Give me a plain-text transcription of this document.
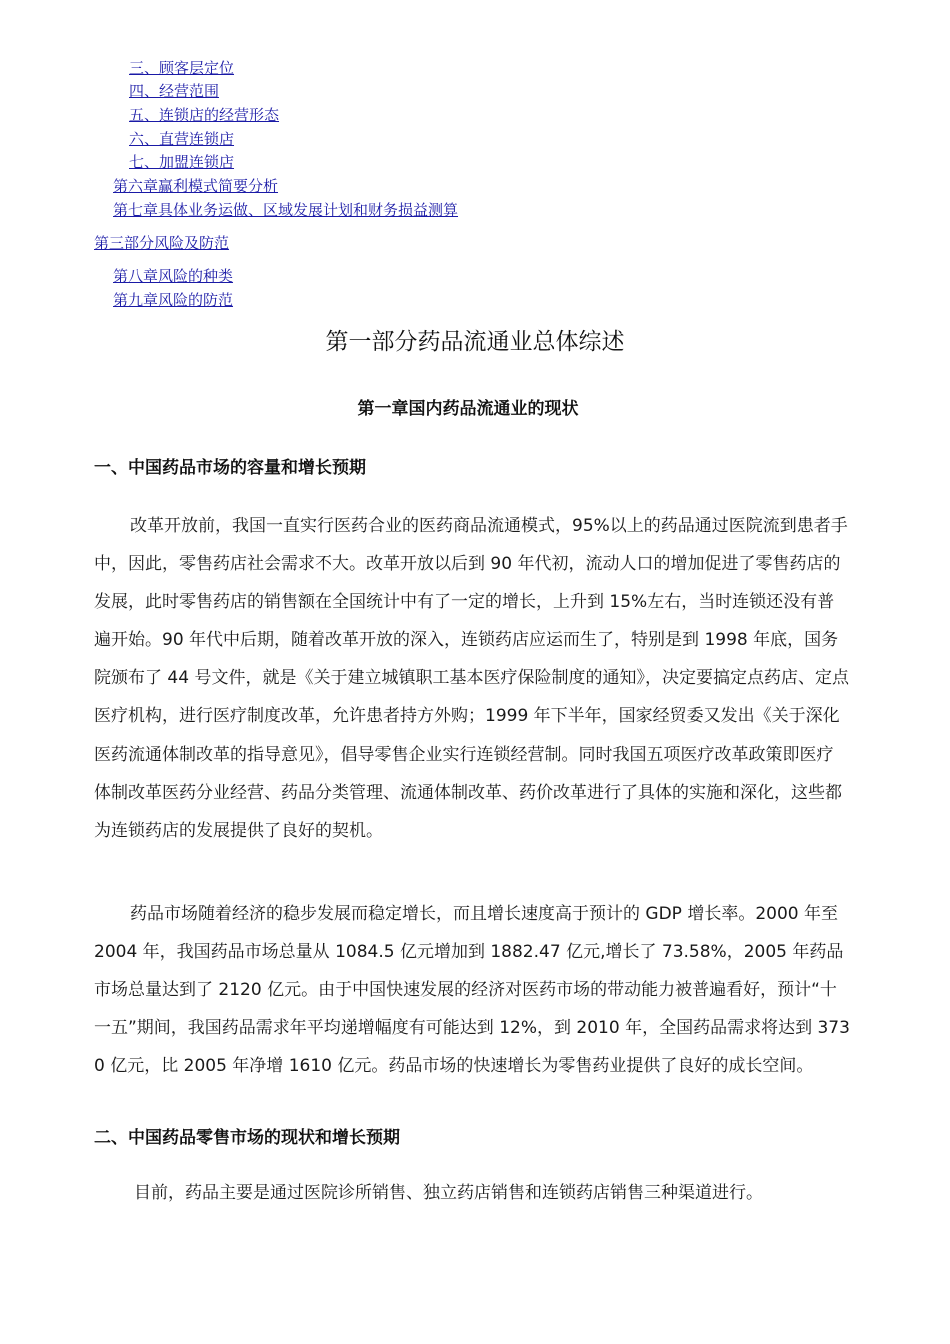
三、顾客层定位
四、经营范围
五、连锁店的经营形态
六、直营连锁店
七、加盟连锁店
第六章赢利模式简要分析
第七章具体业务运做、区域发展计划和财务损益测算
第三部分风险及防范
第八章风险的种类
第九章风险的防范
第一部分药品流通业总体综述
第一章国内药品流通业的现状
一、中国药品市场的容量和增长预期
改革开放前，我国一直实行医药合业的医药商品流通模式，95%以上的药品通过医院流到患者手中，因此，零售药店社会需求不大。改革开放以后到 90 年代初，流动人口的增加促进了零售药店的发展，此时零售药店的销售额在全国统计中有了一定的增长，上升到 15%左右，当时连锁还没有普遍开始。90 年代中后期，随着改革开放的深入，连锁药店应运而生了，特别是到 1998 年底，国务院颁布了 44 号文件，就是《关于建立城镇职工基本医疗保险制度的通知》，决定要搞定点药店、定点医疗机构，进行医疗制度改革，允许患者持方外购；1999 年下半年，国家经贸委又发出《关于深化医药流通体制改革的指导意见》，倡导零售企业实行连锁经营制。同时我国五项医疗改革政策即医疗体制改革医药分业经营、药品分类管理、流通体制改革、药价改革进行了具体的实施和深化，这些都为连锁药店的发展提供了良好的契机。
药品市场随着经济的稳步发展而稳定增长，而且增长速度高于预计的 GDP 增长率。2000 年至 2004 年，我国药品市场总量从 1084.5 亿元增加到 1882.47 亿元,增长了 73.58%，2005 年药品市场总量达到了 2120 亿元。由于中国快速发展的经济对医药市场的带动能力被普遍看好，预计“十一五”期间，我国药品需求年平均递增幅度有可能达到 12%，到 2010 年，全国药品需求将达到 3730 亿元，比 2005 年净增 1610 亿元。药品市场的快速增长为零售药业提供了良好的成长空间。
二、中国药品零售市场的现状和增长预期
目前，药品主要是通过医院诊所销售、独立药店销售和连锁药店销售三种渠道进行。
